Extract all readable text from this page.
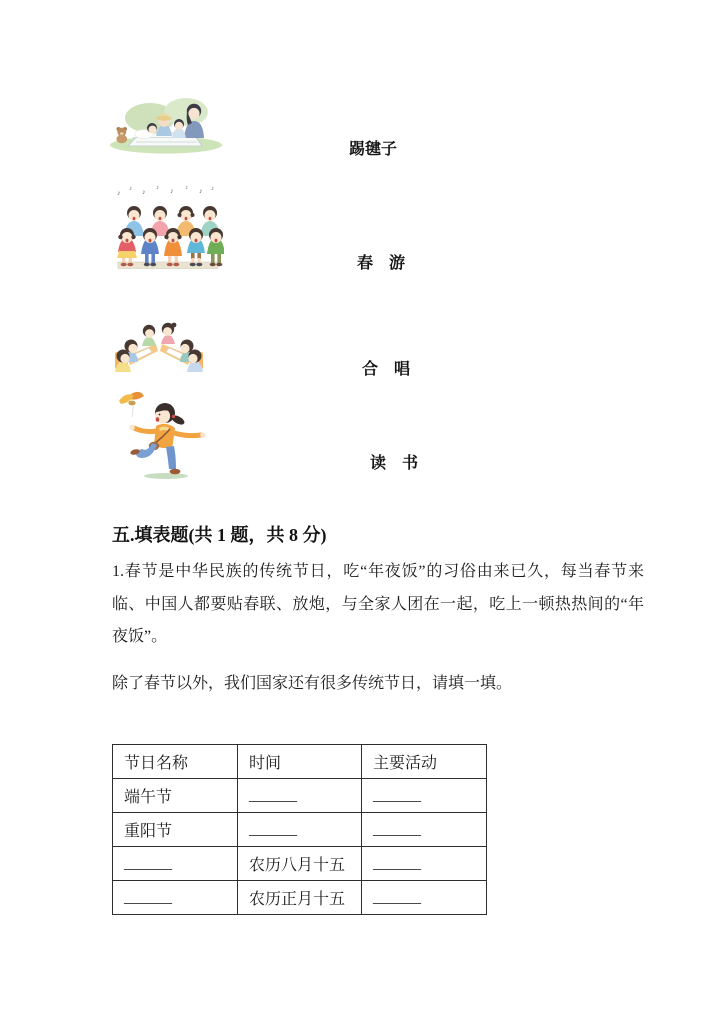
踢毽子
♪ ♪ ♪ ♪ ♪ ♪ ♪ ♪
春　游
合　唱
读　书
五.填表题(共 1 题，共 8 分)

1.春节是中华民族的传统节日，吃“年夜饭”的习俗由来已久，每当春节来临、中国人都要贴春联、放炮，与全家人团在一起，吃上一顿热热间的“年夜饭”。

除了春节以外，我们国家还有很多传统节日，请填一填。

节日名称	时间	主要活动
端午节	______	______
重阳节	______	______
______	农历八月十五	______
______	农历正月十五	______
